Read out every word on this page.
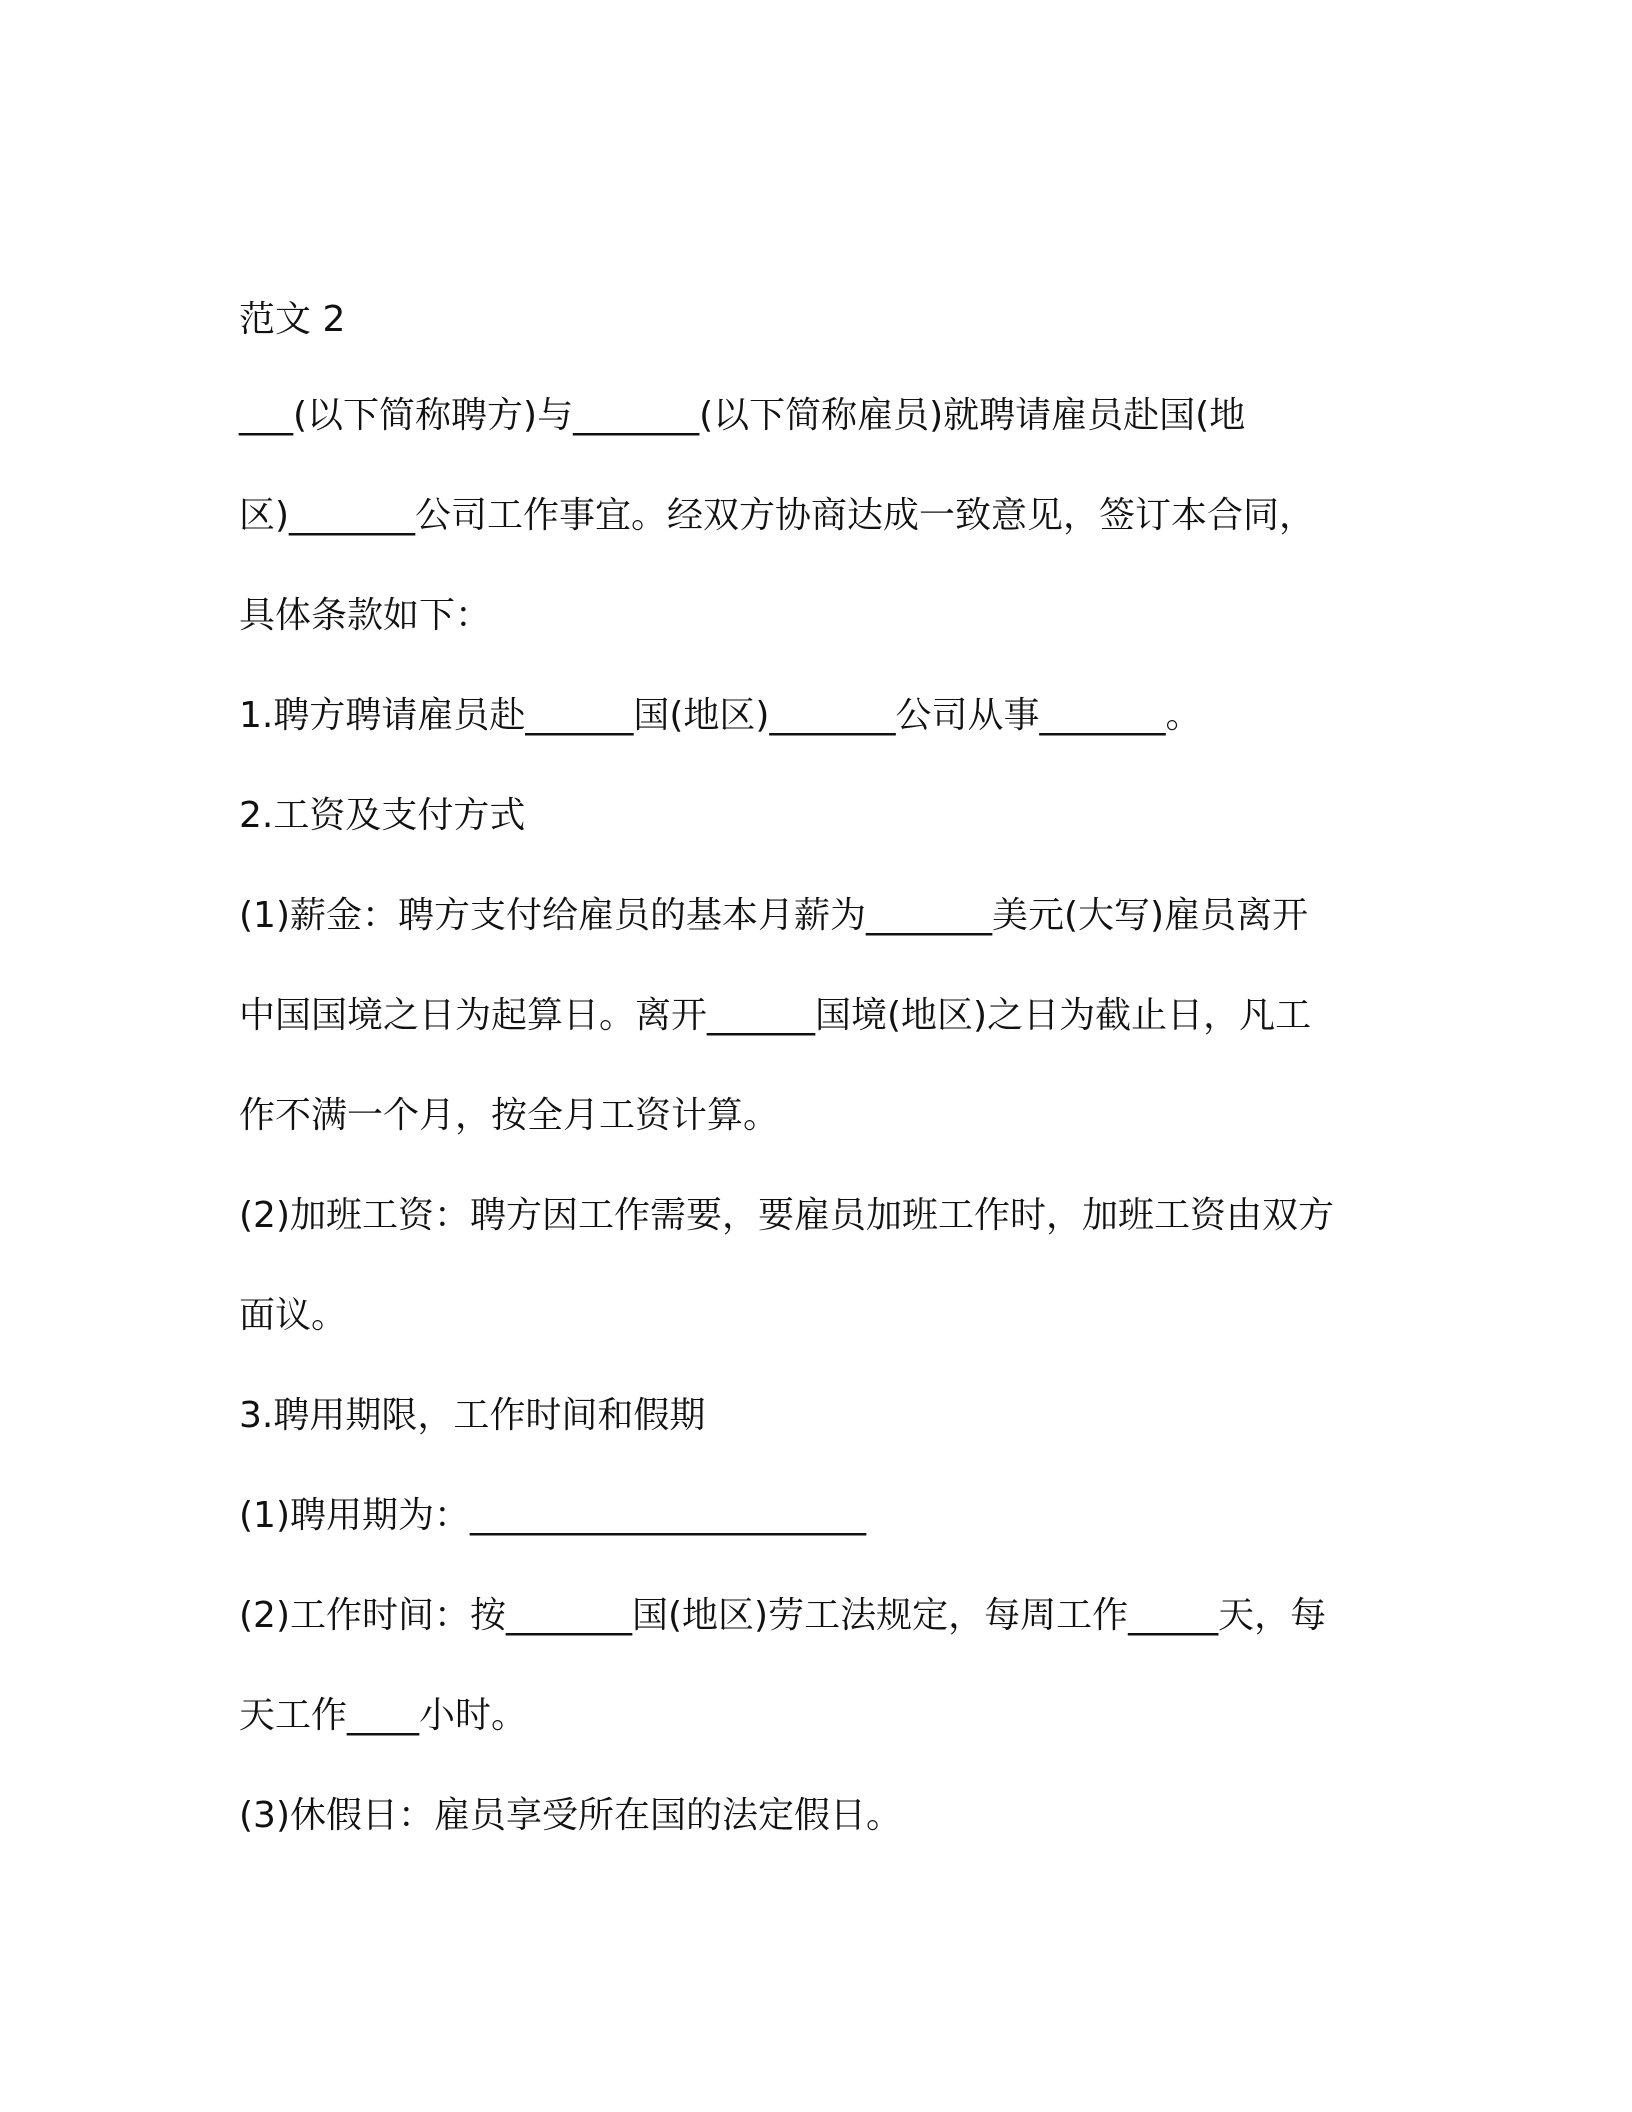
范文 2
___(以下简称聘方)与_______(以下简称雇员)就聘请雇员赴国(地
区)_______公司工作事宜。经双方协商达成一致意见，签订本合同，
具体条款如下：
1.聘方聘请雇员赴______国(地区)_______公司从事_______。
2.工资及支付方式
(1)薪金：聘方支付给雇员的基本月薪为_______美元(大写)雇员离开
中国国境之日为起算日。离开______国境(地区)之日为截止日，凡工
作不满一个月，按全月工资计算。
(2)加班工资：聘方因工作需要，要雇员加班工作时，加班工资由双方
面议。
3.聘用期限，工作时间和假期
(1)聘用期为：______________________
(2)工作时间：按_______国(地区)劳工法规定，每周工作_____天，每
天工作____小时。
(3)休假日：雇员享受所在国的法定假日。
